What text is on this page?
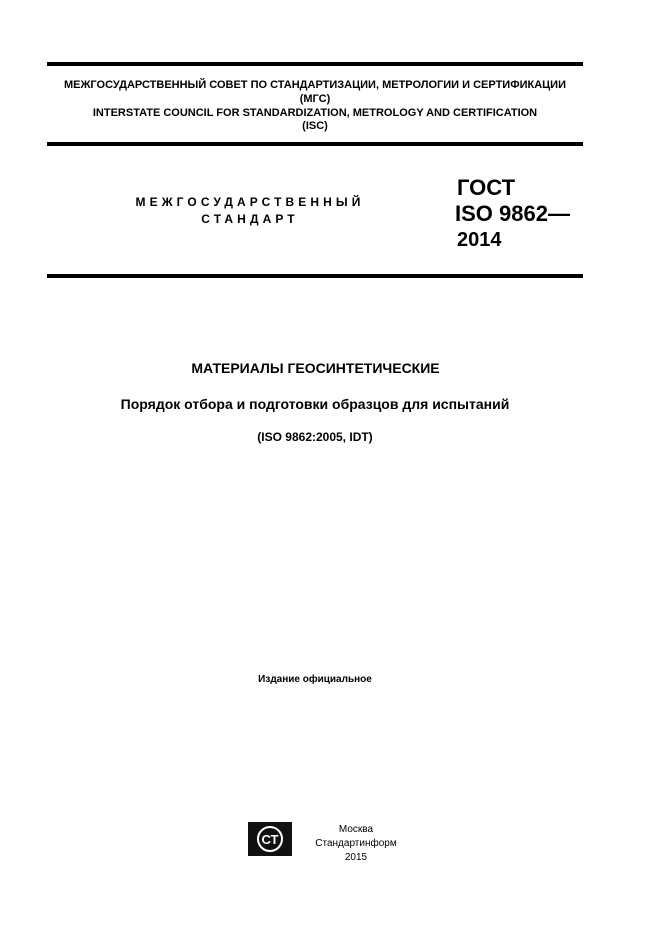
МЕЖГОСУДАРСТВЕННЫЙ СОВЕТ ПО СТАНДАРТИЗАЦИИ, МЕТРОЛОГИИ И СЕРТИФИКАЦИИ
(МГС)
INTERSTATE COUNCIL FOR STANDARDIZATION, METROLOGY AND CERTIFICATION
(ISC)
МЕЖГОСУДАРСТВЕННЫЙ
СТАНДАРТ
ГОСТ
ISO 9862—
2014
МАТЕРИАЛЫ ГЕОСИНТЕТИЧЕСКИЕ
Порядок отбора и подготовки образцов для испытаний
(ISO 9862:2005, IDT)
Издание официальное
СТ
Москва
Стандартинформ
2015
